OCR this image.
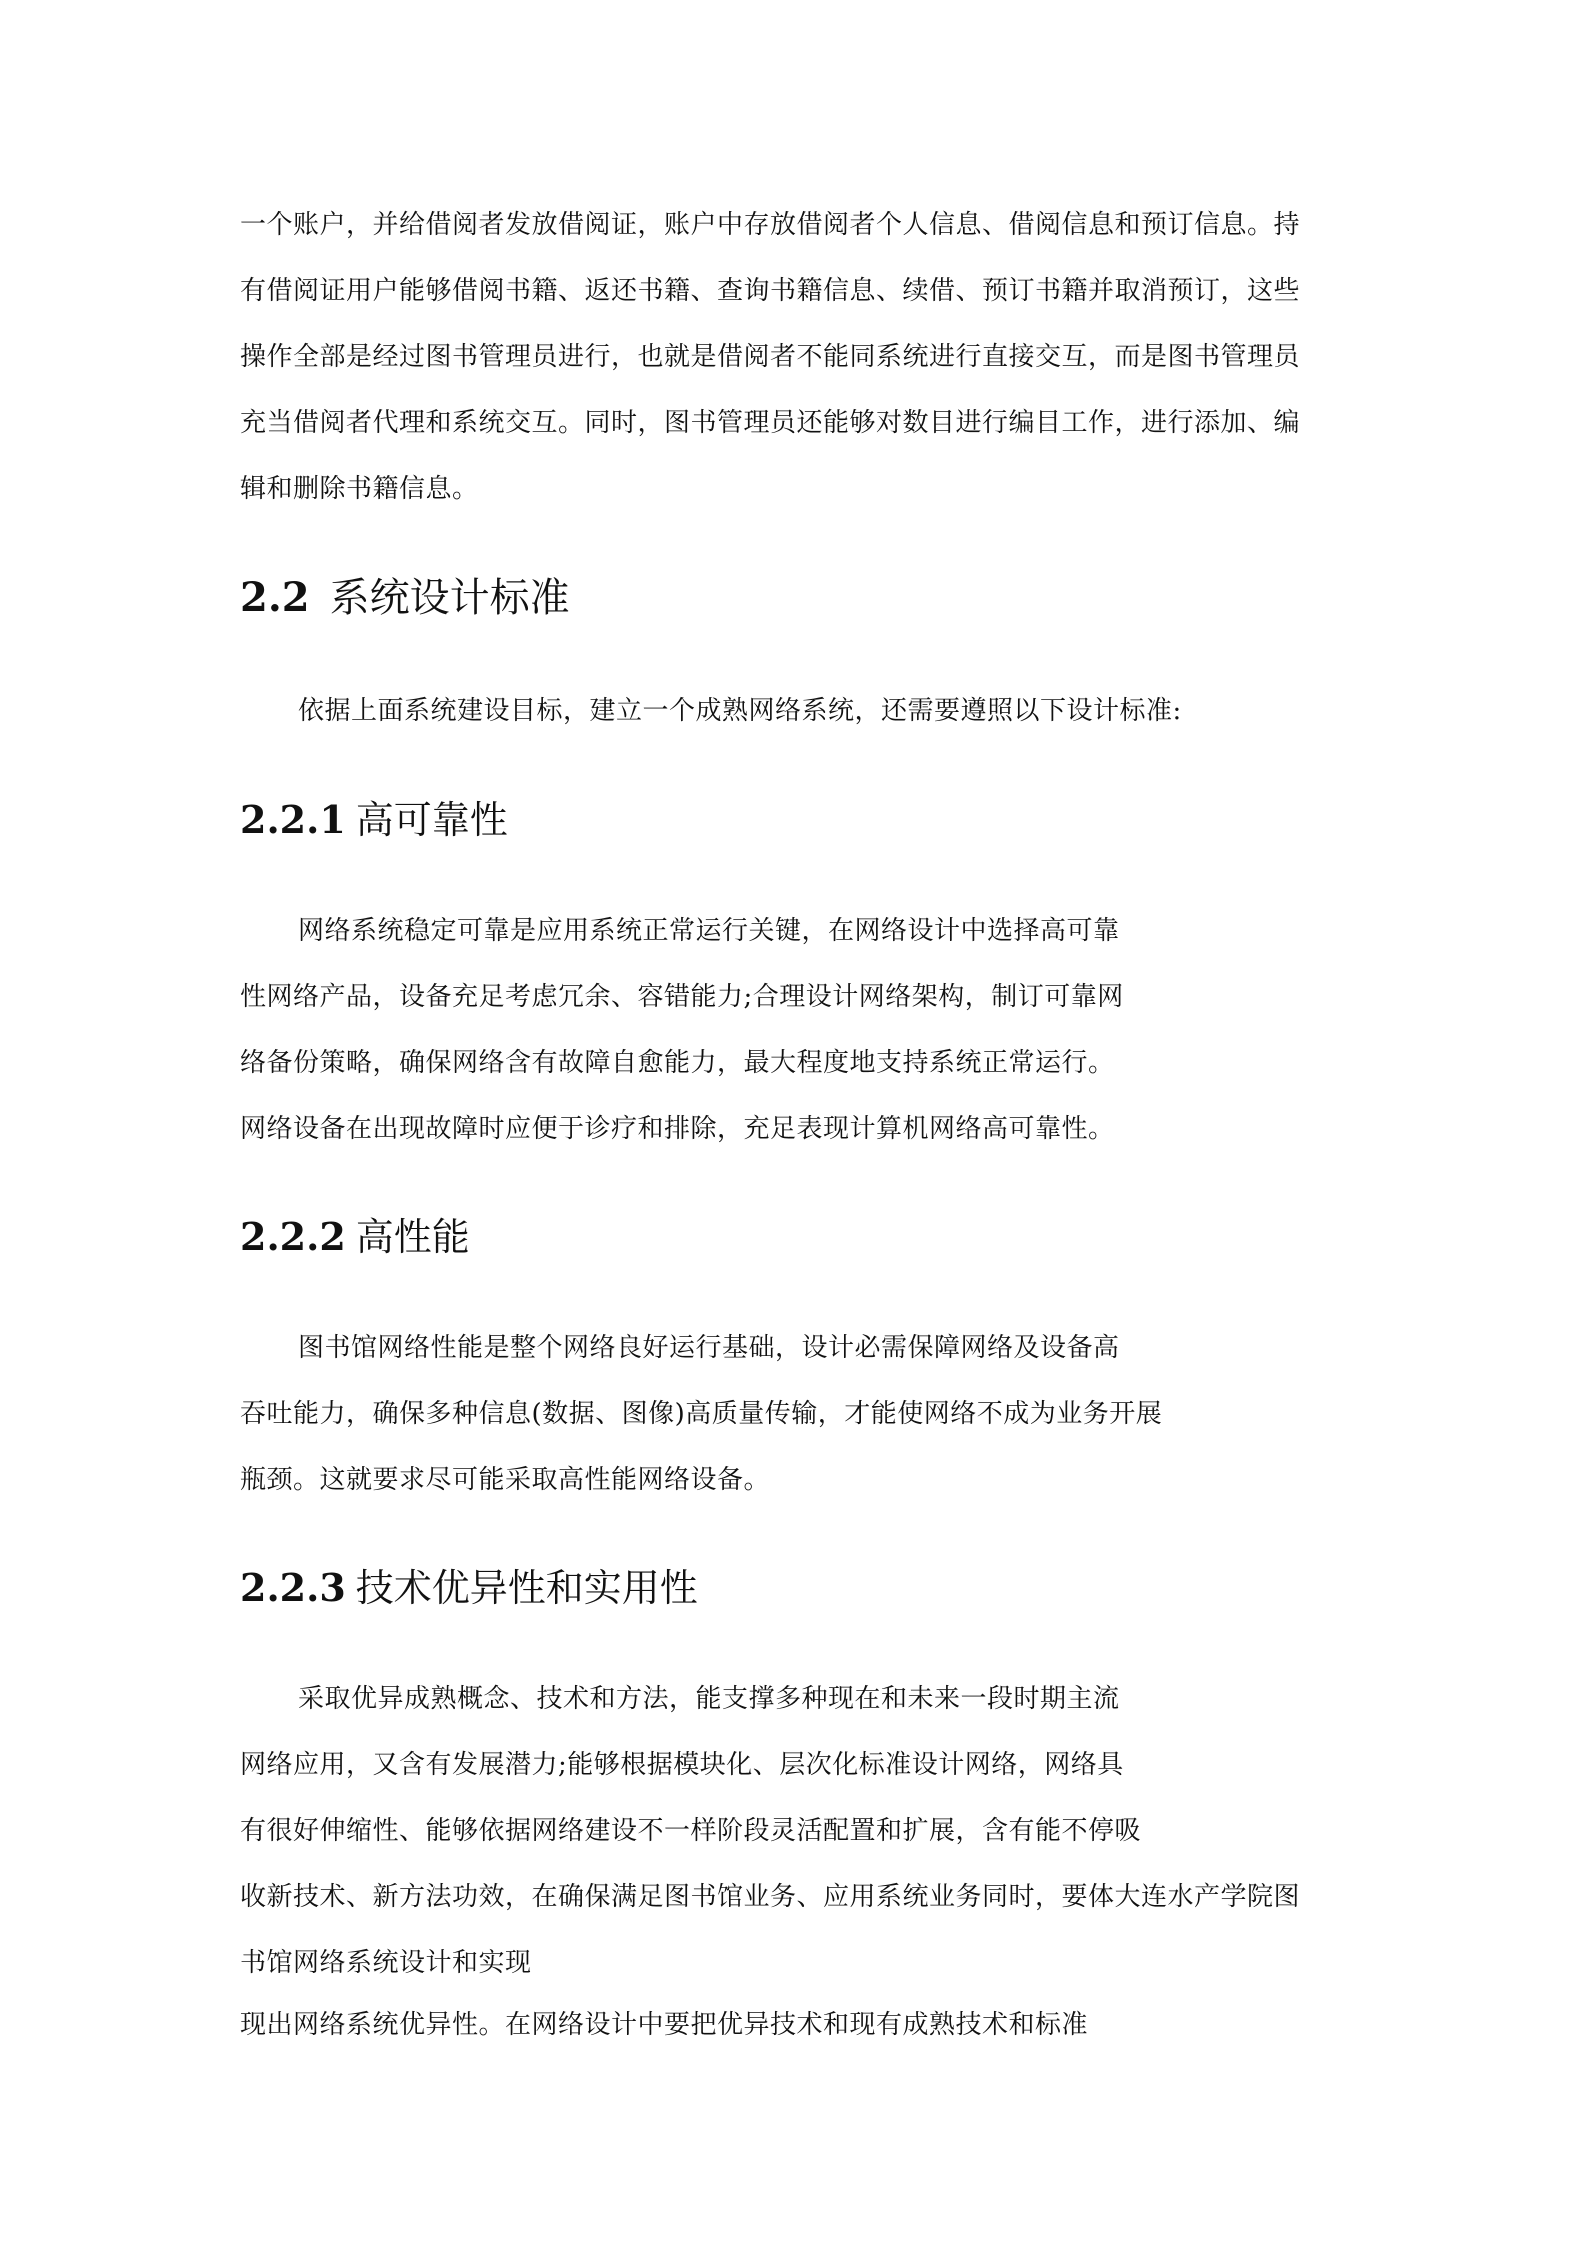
一个账户，并给借阅者发放借阅证，账户中存放借阅者个人信息、借阅信息和预订信息。持
有借阅证用户能够借阅书籍、返还书籍、查询书籍信息、续借、预订书籍并取消预订，这些
操作全部是经过图书管理员进行，也就是借阅者不能同系统进行直接交互，而是图书管理员
充当借阅者代理和系统交互。同时，图书管理员还能够对数目进行编目工作，进行添加、编
辑和删除书籍信息。
2.2 系统设计标准
依据上面系统建设目标，建立一个成熟网络系统，还需要遵照以下设计标准:
2.2.1 高可靠性
网络系统稳定可靠是应用系统正常运行关键，在网络设计中选择高可靠
性网络产品，设备充足考虑冗余、容错能力;合理设计网络架构，制订可靠网
络备份策略，确保网络含有故障自愈能力，最大程度地支持系统正常运行。
网络设备在出现故障时应便于诊疗和排除，充足表现计算机网络高可靠性。
2.2.2 高性能
图书馆网络性能是整个网络良好运行基础，设计必需保障网络及设备高
吞吐能力，确保多种信息(数据、图像)高质量传输，才能使网络不成为业务开展
瓶颈。这就要求尽可能采取高性能网络设备。
2.2.3 技术优异性和实用性
采取优异成熟概念、技术和方法，能支撑多种现在和未来一段时期主流
网络应用，又含有发展潜力;能够根据模块化、层次化标准设计网络，网络具
有很好伸缩性、能够依据网络建设不一样阶段灵活配置和扩展，含有能不停吸
收新技术、新方法功效，在确保满足图书馆业务、应用系统业务同时，要体大连水产学院图
书馆网络系统设计和实现
现出网络系统优异性。在网络设计中要把优异技术和现有成熟技术和标准
